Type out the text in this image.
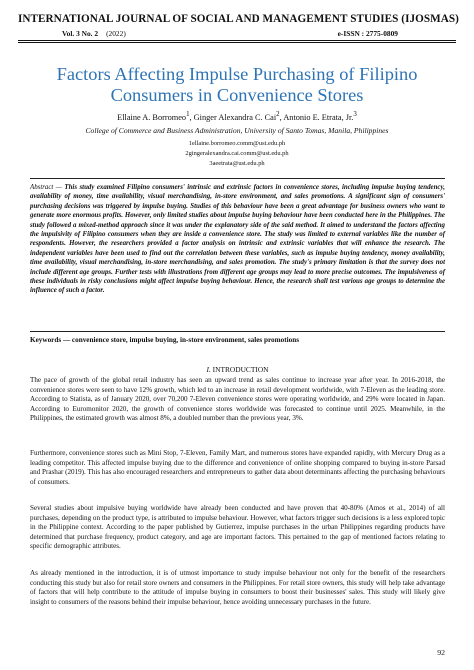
INTERNATIONAL JOURNAL OF SOCIAL AND MANAGEMENT STUDIES (IJOSMAS)
Vol. 3 No. 2 (2022)	e-ISSN : 2775-0809
Factors Affecting Impulse Purchasing of Filipino Consumers in Convenience Stores
Ellaine A. Borromeo$^1$, Ginger Alexandra C. Cai$^2$, Antonio E. Etrata, Jr.$^3$
College of Commerce and Business Administration, University of Santo Tomas, Manila, Philippines
1ellaine.borromeo.comm@ust.edu.ph
2gingeralexandra.cai.comm@ust.edu.ph
3aeetrata@ust.edu.ph
Abstract — This study examined Filipino consumers' intrinsic and extrinsic factors in convenience stores, including impulse buying tendency, availability of money, time availability, visual merchandising, in-store environment, and sales promotions. A significant sign of consumers' purchasing decisions was triggered by impulse buying. Studies of this behaviour have been a great advantage for business owners who want to generate more enormous profits. However, only limited studies about impulse buying behaviour have been conducted here in the Philippines. The study followed a mixed-method approach since it was under the explanatory side of the said method. It aimed to understand the factors affecting the impulsivity of Filipino consumers when they are inside a convenience store. The study was limited to external variables like the number of respondents. However, the researchers provided a factor analysis on intrinsic and extrinsic variables that will enhance the research. The independent variables have been used to find out the correlation between these variables, such as impulse buying tendency, money availability, time availability, visual merchandising, in-store merchandising, and sales promotion. The study's primary limitation is that the survey does not include different age groups. Further tests with illustrations from different age groups may lead to more precise outcomes. The impulsiveness of these individuals in risky conclusions might affect impulse buying behaviour. Hence, the research shall test various age groups to determine the influence of such a factor.
Keywords — convenience store, impulse buying, in-store environment, sales promotions
I. INTRODUCTION
The pace of growth of the global retail industry has seen an upward trend as sales continue to increase year after year. In 2016-2018, the convenience stores were seen to have 12% growth, which led to an increase in retail development worldwide, with 7-Eleven as the leading store. According to Statista, as of January 2020, over 70,200 7-Eleven convenience stores were operating worldwide, and 29% were located in Japan. According to Euromonitor 2020, the growth of convenience stores worldwide was forecasted to continue until 2025. Meanwhile, in the Philippines, the estimated growth was almost 8%, a doubled number than the previous year, 3%.
Furthermore, convenience stores such as Mini Stop, 7-Eleven, Family Mart, and numerous stores have expanded rapidly, with Mercury Drug as a leading competitor. This affected impulse buying due to the difference and convenience of online shopping compared to buying in-store Parsad and Prashar (2019). This has also encouraged researchers and entrepreneurs to gather data about determinants affecting the purchasing behaviours of consumers.
Several studies about impulsive buying worldwide have already been conducted and have proven that 40-80% (Amos et al., 2014) of all purchases, depending on the product type, is attributed to impulse behaviour. However, what factors trigger such decisions is a less explored topic in the Philippine context. According to the paper published by Gutierrez, impulse purchases in the urban Philippines regarding products have determined that purchase frequency, product category, and age are important factors. This pertained to the gap of mentioned factors relating to specific demographic attributes.
As already mentioned in the introduction, it is of utmost importance to study impulse behaviour not only for the benefit of the researchers conducting this study but also for retail store owners and consumers in the Philippines. For retail store owners, this study will help take advantage of factors that will help contribute to the attitude of impulse buying in consumers to boost their businesses' sales. This study will likely give insight to consumers of the reasons behind their impulse behaviour, hence avoiding unnecessary purchases in the future.
92
